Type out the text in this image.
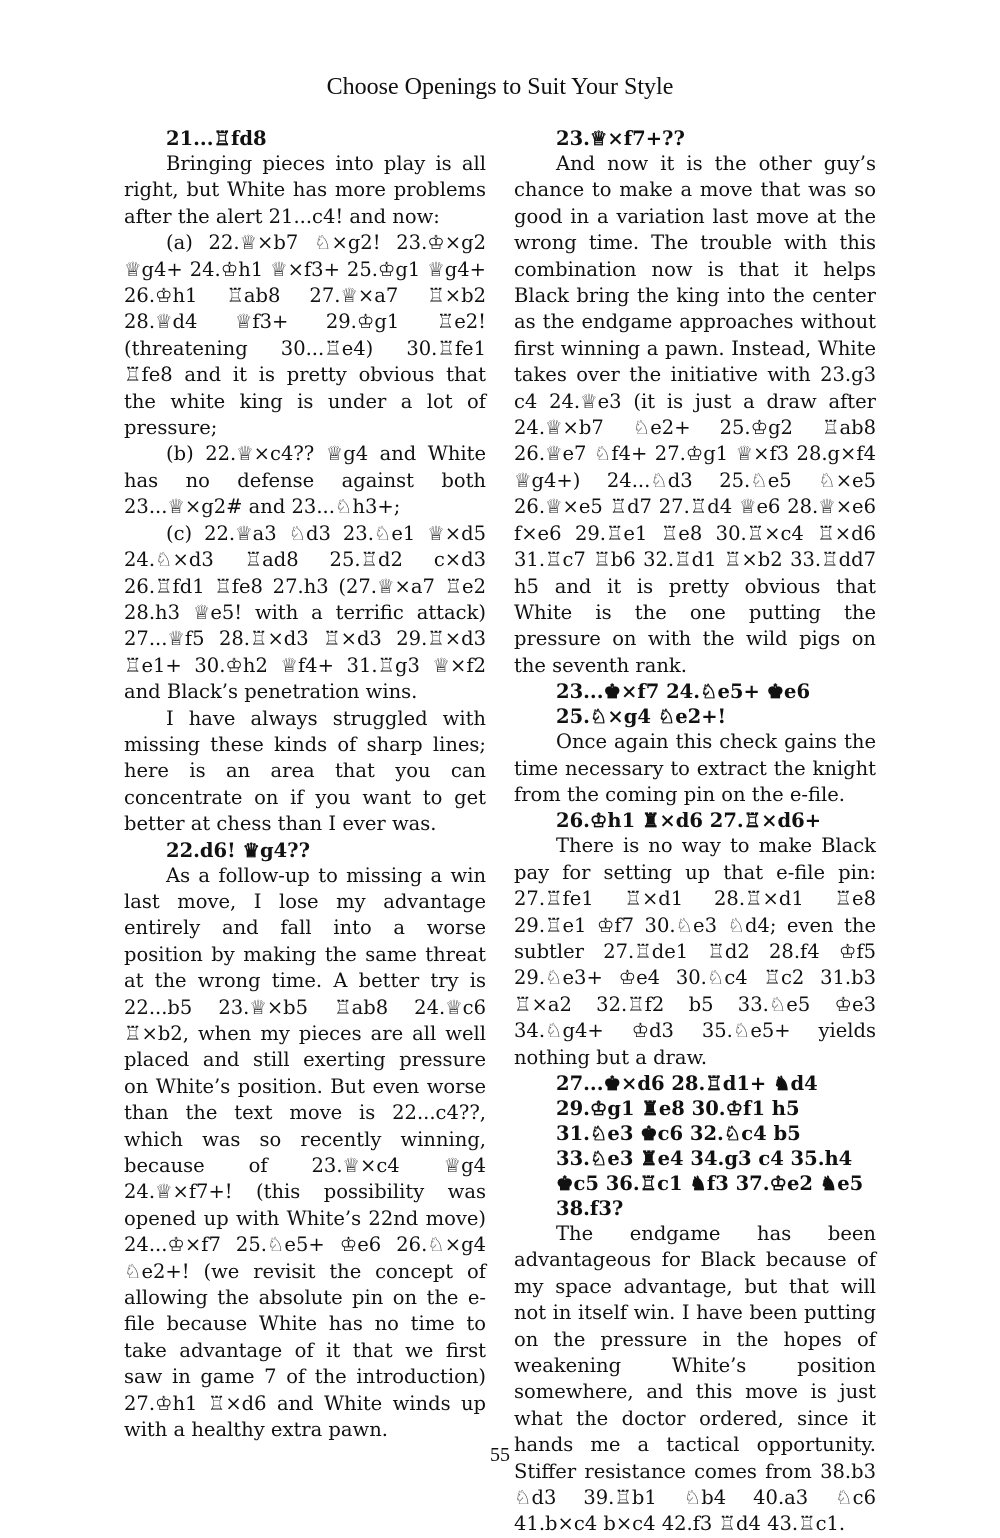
Choose Openings to Suit Your Style

21...♖fd8

Bringing pieces into play is all right, but White has more problems after the alert 21...c4! and now:

(a) 22.♕×b7 ♘×g2! 23.♔×g2 ♕g4+ 24.♔h1 ♕×f3+ 25.♔g1 ♕g4+ 26.♔h1 ♖ab8 27.♕×a7 ♖×b2 28.♕d4 ♕f3+ 29.♔g1 ♖e2! (threatening 30...♖e4) 30.♖fe1 ♖fe8 and it is pretty obvious that the white king is under a lot of pressure;

(b) 22.♕×c4?? ♕g4 and White has no defense against both 23...♕×g2# and 23...♘h3+;

(c) 22.♕a3 ♘d3 23.♘e1 ♕×d5 24.♘×d3 ♖ad8 25.♖d2 c×d3 26.♖fd1 ♖fe8 27.h3 (27.♕×a7 ♖e2 28.h3 ♕e5! with a terrific attack) 27...♕f5 28.♖×d3 ♖×d3 29.♖×d3 ♖e1+ 30.♔h2 ♕f4+ 31.♖g3 ♕×f2 and Black’s penetration wins.

I have always struggled with missing these kinds of sharp lines; here is an area that you can concentrate on if you want to get better at chess than I ever was.

22.d6! ♛g4??

As a follow-up to missing a win last move, I lose my advantage entirely and fall into a worse position by making the same threat at the wrong time. A better try is 22...b5 23.♕×b5 ♖ab8 24.♕c6 ♖×b2, when my pieces are all well placed and still exerting pressure on White’s position. But even worse than the text move is 22...c4??, which was so recently winning, because of 23.♕×c4 ♕g4 24.♕×f7+! (this possibility was opened up with White’s 22nd move) 24...♔×f7 25.♘e5+ ♔e6 26.♘×g4 ♘e2+! (we revisit the concept of allowing the absolute pin on the e-file because White has no time to take advantage of it that we first saw in game 7 of the introduction) 27.♔h1 ♖×d6 and White winds up with a healthy extra pawn.

23.♕×f7+??

And now it is the other guy’s chance to make a move that was so good in a variation last move at the wrong time. The trouble with this combination now is that it helps Black bring the king into the center as the endgame approaches without first winning a pawn. Instead, White takes over the initiative with 23.g3 c4 24.♕e3 (it is just a draw after 24.♕×b7 ♘e2+ 25.♔g2 ♖ab8 26.♕e7 ♘f4+ 27.♔g1 ♕×f3 28.g×f4 ♕g4+) 24...♘d3 25.♘e5 ♘×e5 26.♕×e5 ♖d7 27.♖d4 ♕e6 28.♕×e6 f×e6 29.♖e1 ♖e8 30.♖×c4 ♖×d6 31.♖c7 ♖b6 32.♖d1 ♖×b2 33.♖dd7 h5 and it is pretty obvious that White is the one putting the pressure on with the wild pigs on the seventh rank.

23...♚×f7 24.♘e5+ ♚e6 25.♘×g4 ♘e2+!

Once again this check gains the time necessary to extract the knight from the coming pin on the e-file.

26.♔h1 ♜×d6 27.♖×d6+

There is no way to make Black pay for setting up that e-file pin: 27.♖fe1 ♖×d1 28.♖×d1 ♖e8 29.♖e1 ♔f7 30.♘e3 ♘d4; even the subtler 27.♖de1 ♖d2 28.f4 ♔f5 29.♘e3+ ♔e4 30.♘c4 ♖c2 31.b3 ♖×a2 32.♖f2 b5 33.♘e5 ♔e3 34.♘g4+ ♔d3 35.♘e5+ yields nothing but a draw.

27...♚×d6 28.♖d1+ ♞d4 29.♔g1 ♜e8 30.♔f1 h5 31.♘e3 ♚c6 32.♘c4 b5 33.♘e3 ♜e4 34.g3 c4 35.h4 ♚c5 36.♖c1 ♞f3 37.♔e2 ♞e5 38.f3?

The endgame has been advantageous for Black because of my space advantage, but that will not in itself win. I have been putting on the pressure in the hopes of weakening White’s position somewhere, and this move is just what the doctor ordered, since it hands me a tactical opportunity. Stiffer resistance comes from 38.b3 ♘d3 39.♖b1 ♘b4 40.a3 ♘c6 41.b×c4 b×c4 42.f3 ♖d4 43.♖c1.

55
